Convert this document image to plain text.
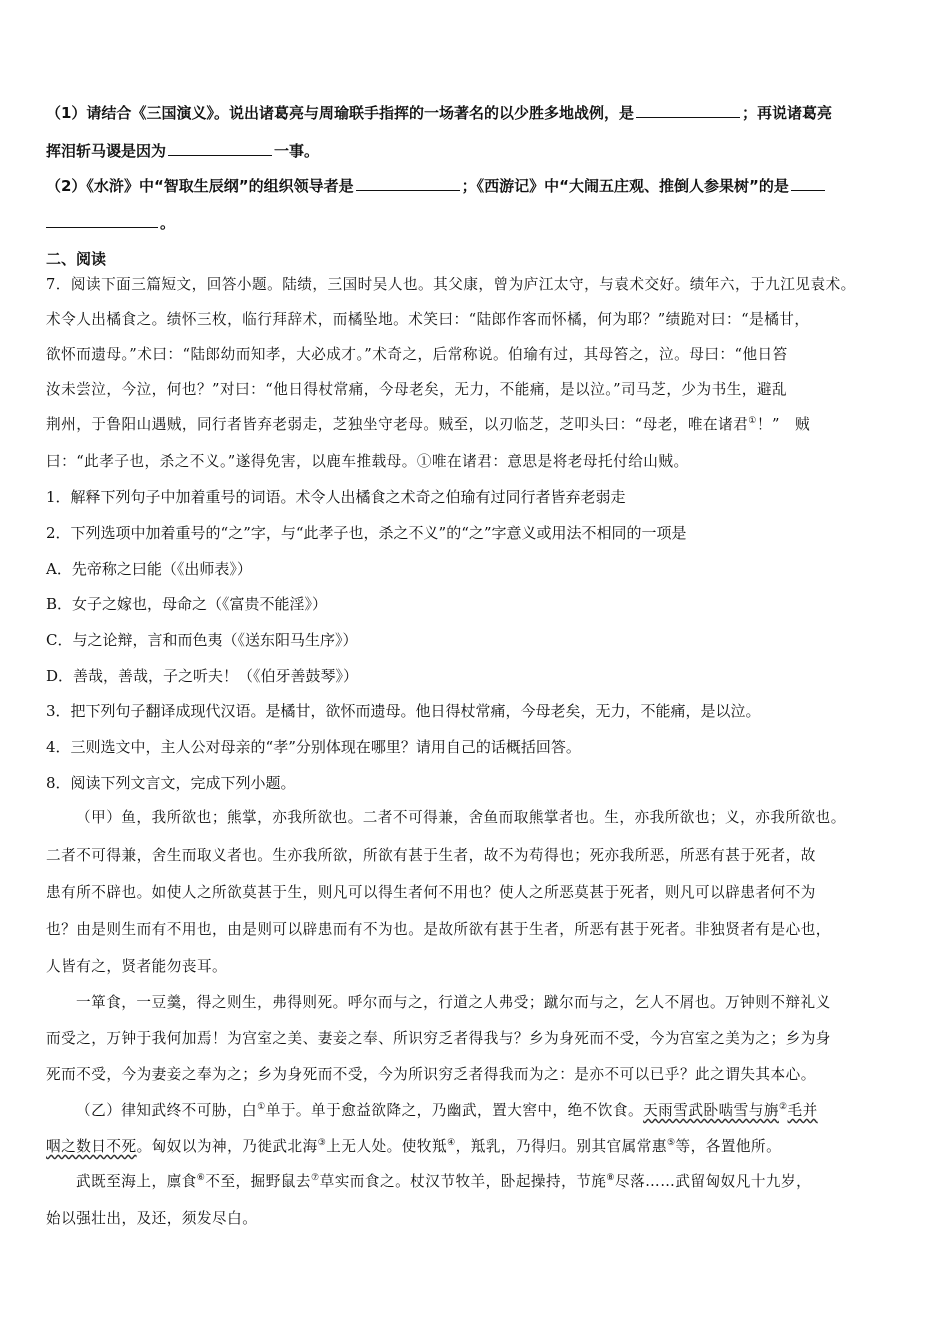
（1）请结合《三国演义》。说出诸葛亮与周瑜联手指挥的一场著名的以少胜多地战例，是	；再说诸葛亮
挥泪斩马谡是因为	一事。
（2）《水浒》中“智取生辰纲”的组织领导者是	；《西游记》中“大闹五庄观、推倒人参果树”的是
。
二、阅读
7．阅读下面三篇短文，回答小题。陆绩，三国时吴人也。其父康，曾为庐江太守，与袁术交好。绩年六，于九江见袁术。
术令人出橘食之。绩怀三枚，临行拜辞术，而橘坠地。术笑曰：“陆郎作客而怀橘，何为耶？”绩跪对曰：“是橘甘，
欲怀而遗母。”术曰：“陆郎幼而知孝，大必成才。”术奇之，后常称说。伯瑜有过，其母笞之，泣。母曰：“他日笞
汝未尝泣，今泣，何也？”对曰：“他日得杖常痛，今母老矣，无力，不能痛，是以泣。”司马芝，少为书生，避乱
荆州，于鲁阳山遇贼，同行者皆弃老弱走，芝独坐守老母。贼至，以刃临芝，芝叩头曰：“母老，唯在诸君①！”　贼
曰：“此孝子也，杀之不义。”遂得免害，以鹿车推载母。①唯在诸君：意思是将老母托付给山贼。
1．解释下列句子中加着重号的词语。术令人出橘食之术奇之伯瑜有过同行者皆弃老弱走
2．下列选项中加着重号的“之”字，与“此孝子也，杀之不义”的“之”字意义或用法不相同的一项是
A．先帝称之曰能（《出师表》）
B．女子之嫁也，母命之（《富贵不能淫》）
C．与之论辩，言和而色夷（《送东阳马生序》）
D．善哉，善哉，子之听夫！（《伯牙善鼓琴》）
3．把下列句子翻译成现代汉语。是橘甘，欲怀而遗母。他日得杖常痛，今母老矣，无力，不能痛，是以泣。
4．三则选文中，主人公对母亲的“孝”分别体现在哪里？请用自己的话概括回答。
8．阅读下列文言文，完成下列小题。
（甲）鱼，我所欲也；熊掌，亦我所欲也。二者不可得兼，舍鱼而取熊掌者也。生，亦我所欲也；义，亦我所欲也。
二者不可得兼，舍生而取义者也。生亦我所欲，所欲有甚于生者，故不为苟得也；死亦我所恶，所恶有甚于死者，故
患有所不辟也。如使人之所欲莫甚于生，则凡可以得生者何不用也？使人之所恶莫甚于死者，则凡可以辟患者何不为
也？由是则生而有不用也，由是则可以辟患而有不为也。是故所欲有甚于生者，所恶有甚于死者。非独贤者有是心也，
人皆有之，贤者能勿丧耳。
一箪食，一豆羹，得之则生，弗得则死。呼尔而与之，行道之人弗受；蹴尔而与之，乞人不屑也。万钟则不辩礼义
而受之，万钟于我何加焉！为宫室之美、妻妾之奉、所识穷乏者得我与？乡为身死而不受，今为宫室之美为之；乡为身
死而不受，今为妻妾之奉为之；乡为身死而不受，今为所识穷乏者得我而为之：是亦不可以已乎？此之谓失其本心。
（乙）律知武终不可胁，白①单于。单于愈益欲降之，乃幽武，置大窖中，绝不饮食。天雨雪武卧啮雪与旃②毛并
咽之数日不死。匈奴以为神，乃徙武北海③上无人处。使牧羝④，羝乳，乃得归。别其官属常惠⑤等，各置他所。
武既至海上，廪食⑥不至，掘野鼠去⑦草实而食之。杖汉节牧羊，卧起操持，节旄⑧尽落……武留匈奴凡十九岁，
始以强壮出，及还，须发尽白。
